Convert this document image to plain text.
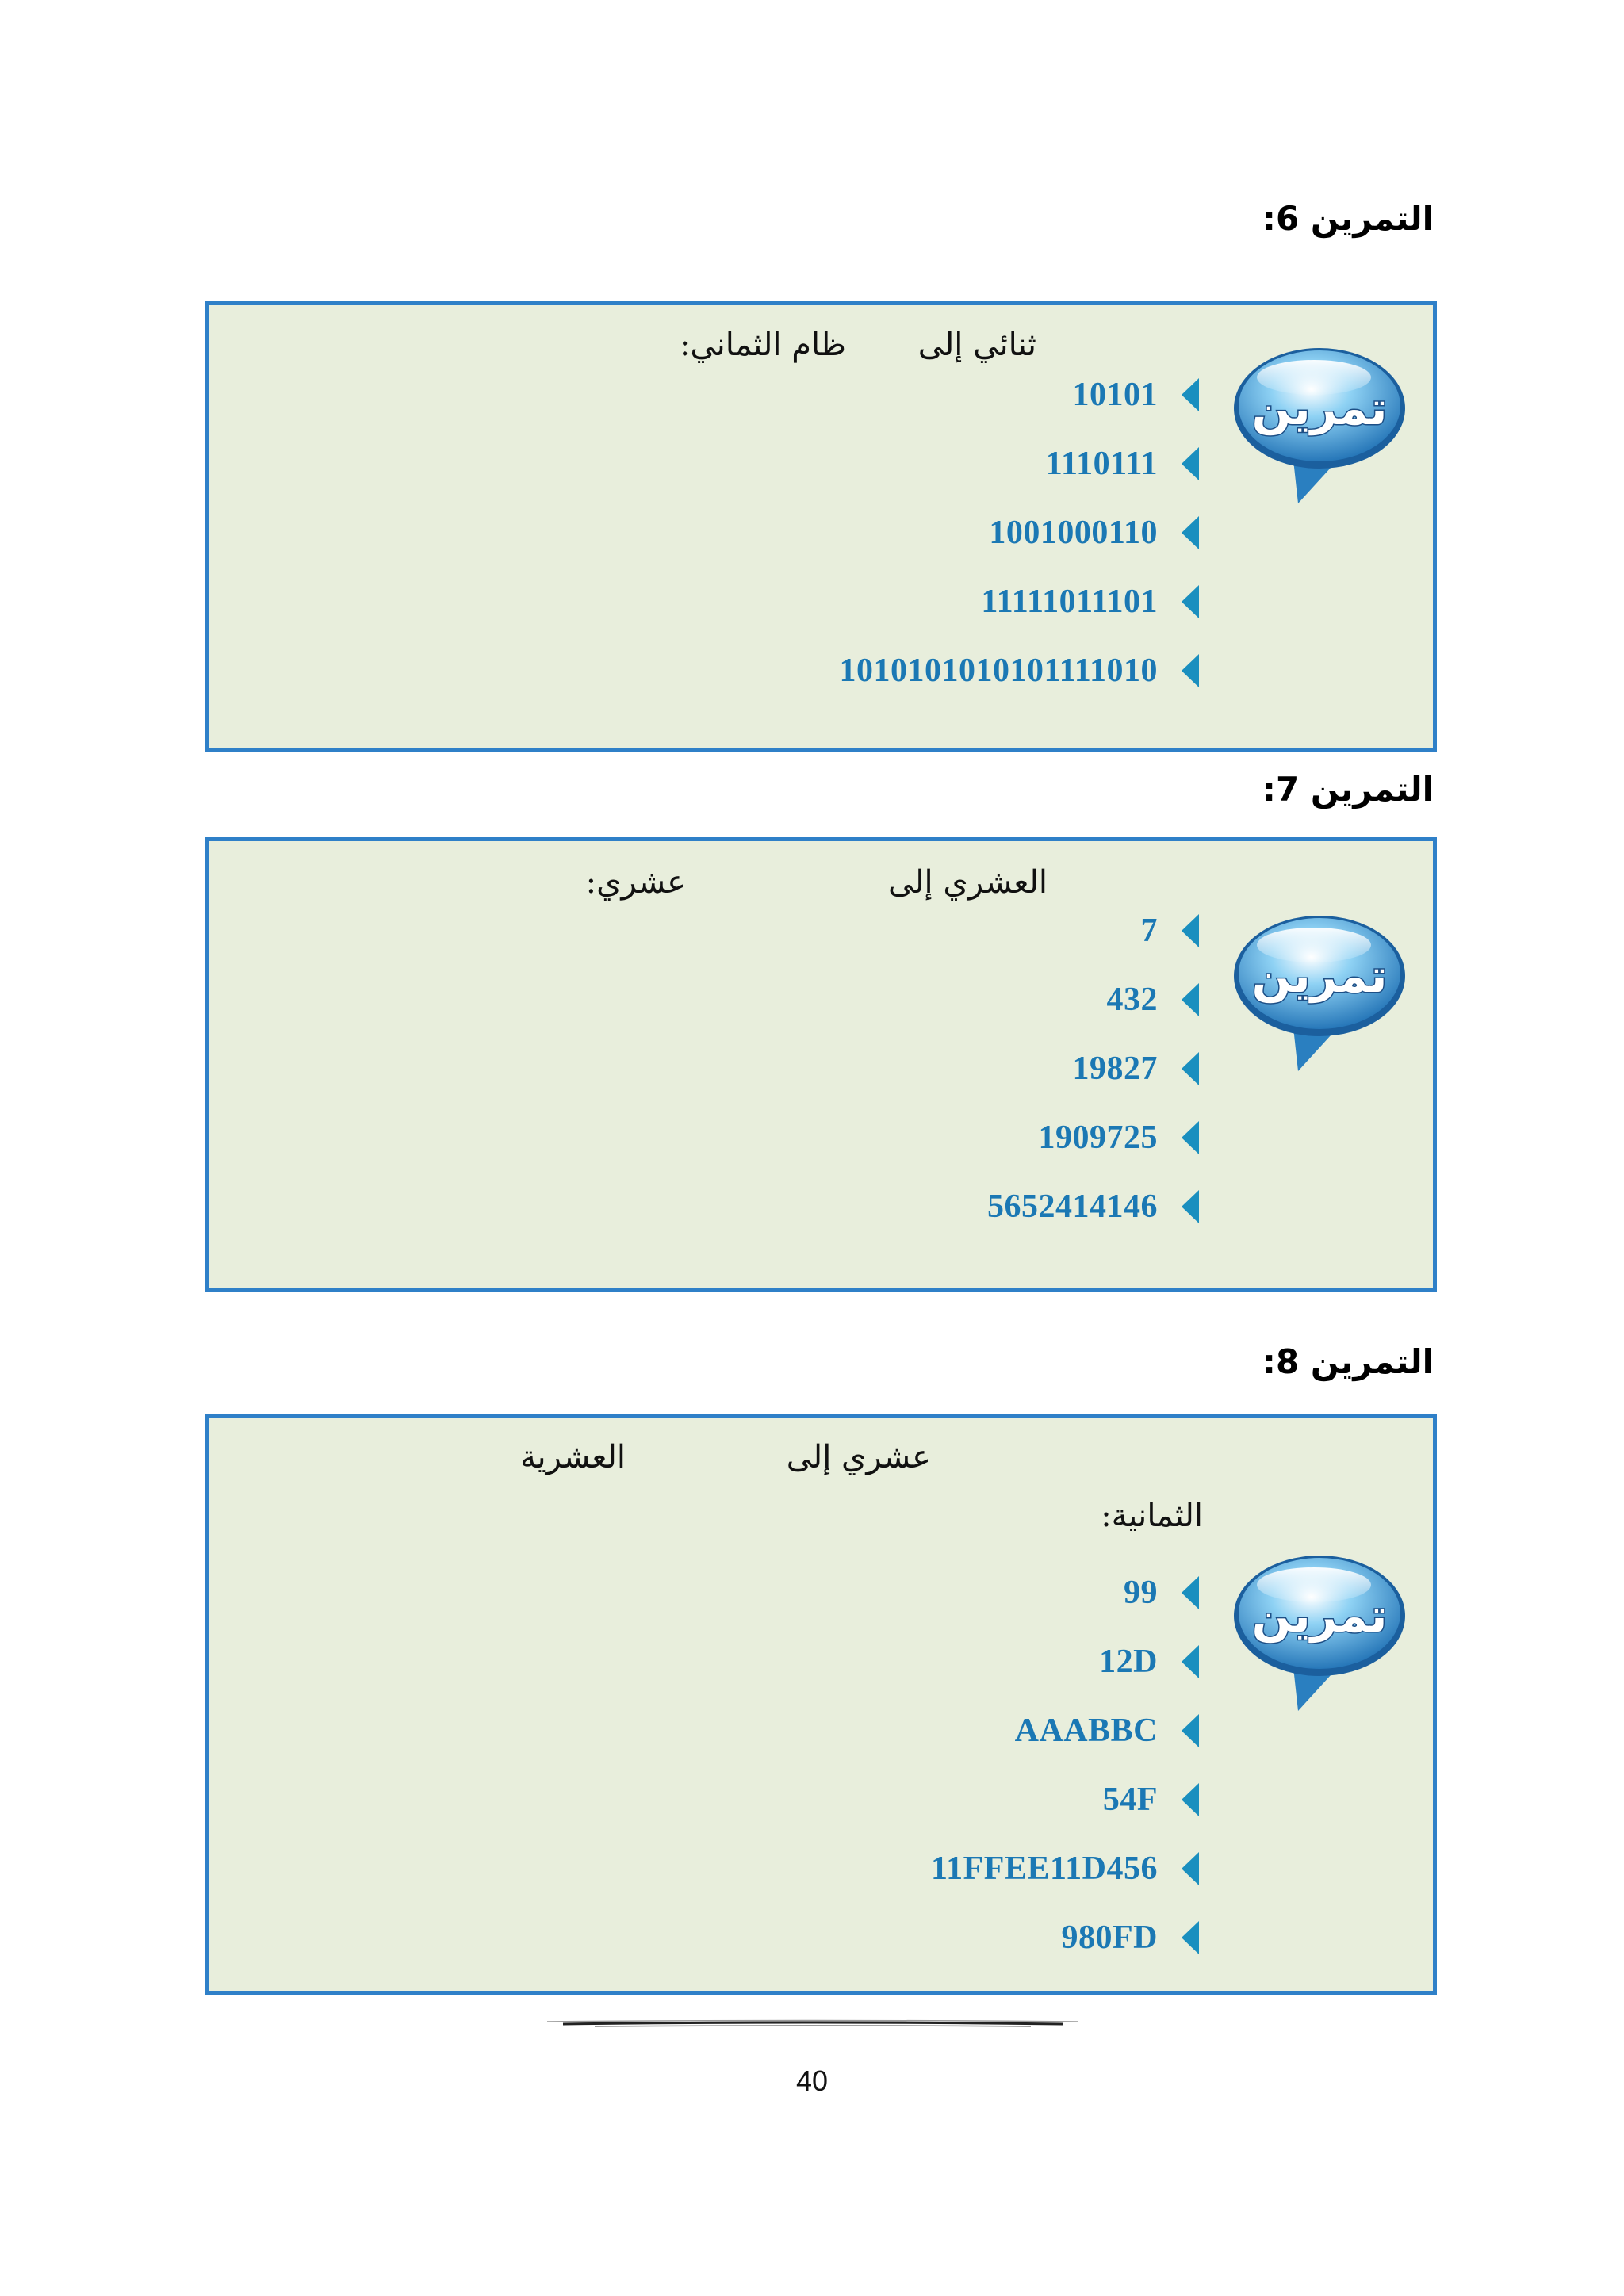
التمرين 6:
ثنائي إلى
ظام الثماني:
تمرين
10101
1110111
1001000110
11111011101
1010101010101111010
التمرين 7:
العشري إلى
عشري:
تمرين
7
432
19827
1909725
5652414146
التمرين 8:
عشري إلى
العشرية
الثمانية:
تمرين
99
12D
AAABBC
54F
11FFEE11D456
980FD
40
